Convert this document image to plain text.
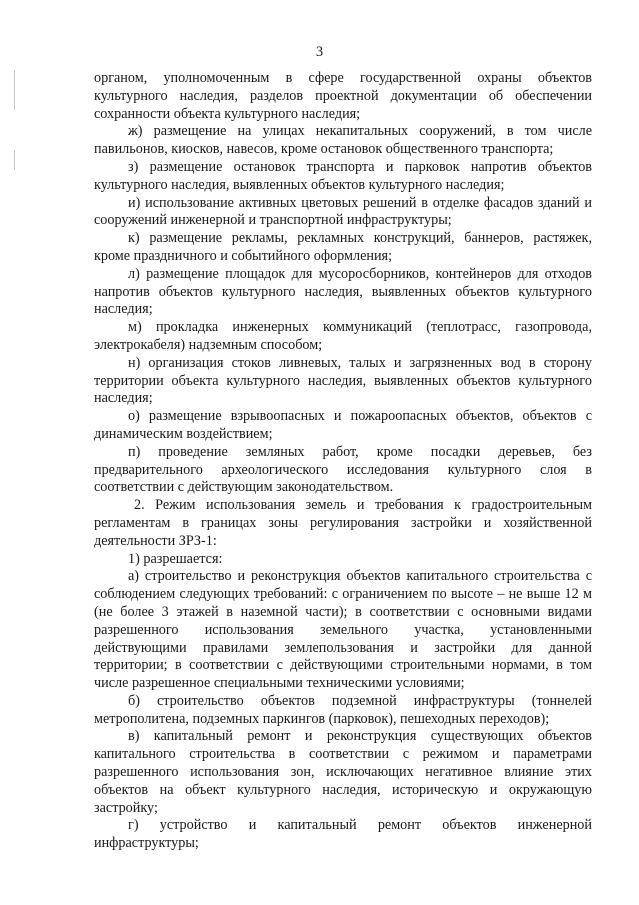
3

органом, уполномоченным в сфере государственной охраны объектов культурного наследия, разделов проектной документации об обеспечении сохранности объекта культурного наследия;

ж) размещение на улицах некапитальных сооружений, в том числе павильонов, киосков, навесов, кроме остановок общественного транспорта;

з) размещение остановок транспорта и парковок напротив объектов культурного наследия, выявленных объектов культурного наследия;

и) использование активных цветовых решений в отделке фасадов зданий и сооружений инженерной и транспортной инфраструктуры;

к) размещение рекламы, рекламных конструкций, баннеров, растяжек, кроме праздничного и событийного оформления;

л) размещение площадок для мусоросборников, контейнеров для отходов напротив объектов культурного наследия, выявленных объектов культурного наследия;

м) прокладка инженерных коммуникаций (теплотрасс, газопровода, электрокабеля) надземным способом;

н) организация стоков ливневых, талых и загрязненных вод в сторону территории объекта культурного наследия, выявленных объектов культурного наследия;

о) размещение взрывоопасных и пожароопасных объектов, объектов с динамическим воздействием;

п) проведение земляных работ, кроме посадки деревьев, без предварительного археологического исследования культурного слоя в соответствии с действующим законодательством.

2. Режим использования земель и требования к градостроительным регламентам в границах зоны регулирования застройки и хозяйственной деятельности ЗРЗ-1:

1) разрешается:

а) строительство и реконструкция объектов капитального строительства с соблюдением следующих требований: с ограничением по высоте – не выше 12 м (не более 3 этажей в наземной части); в соответствии с основными видами разрешенного использования земельного участка, установленными действующими правилами землепользования и застройки для данной территории; в соответствии с действующими строительными нормами, в том числе разрешенное специальными техническими условиями;

б) строительство объектов подземной инфраструктуры (тоннелей метрополитена, подземных паркингов (парковок), пешеходных переходов);

в) капитальный ремонт и реконструкция существующих объектов капитального строительства в соответствии с режимом и параметрами разрешенного использования зон, исключающих негативное влияние этих объектов на объект культурного наследия, историческую и окружающую застройку;

г) устройство и капитальный ремонт объектов инженерной инфраструктуры;
